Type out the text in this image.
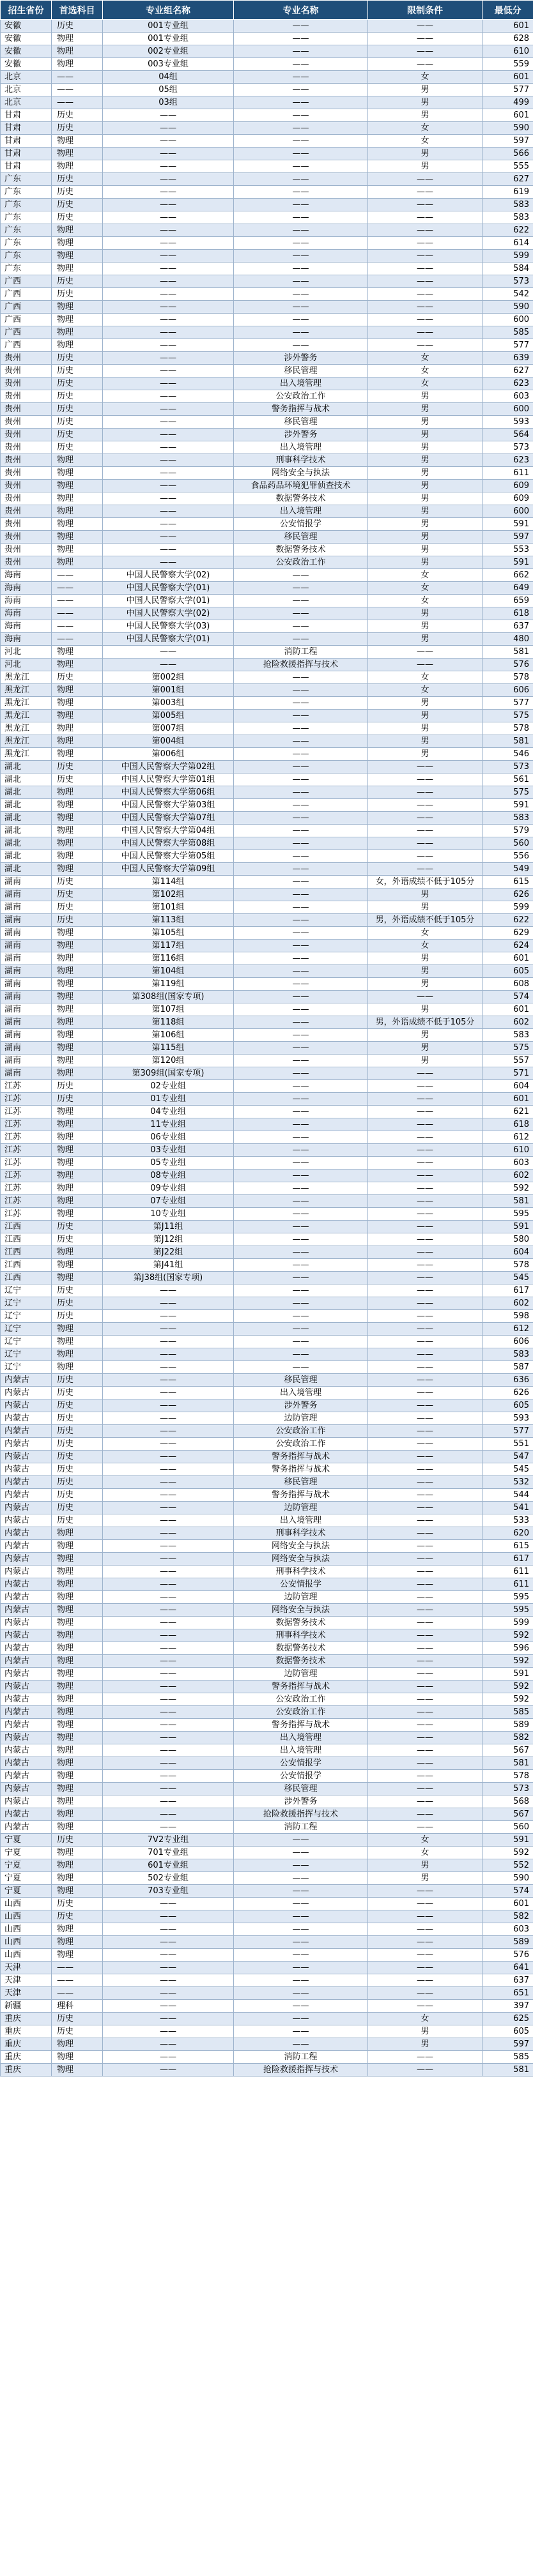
招生省份	首选科目	专业组名称	专业名称	限制条件	最低分
安徽	历史	001专业组	——	——	601
安徽	物理	001专业组	——	——	628
安徽	物理	002专业组	——	——	610
安徽	物理	003专业组	——	——	559
北京	——	04组	——	女	601
北京	——	05组	——	男	577
北京	——	03组	——	男	499
甘肃	历史	——	——	男	601
甘肃	历史	——	——	女	590
甘肃	物理	——	——	女	597
甘肃	物理	——	——	男	566
甘肃	物理	——	——	男	555
广东	历史	——	——	——	627
广东	历史	——	——	——	619
广东	历史	——	——	——	583
广东	历史	——	——	——	583
广东	物理	——	——	——	622
广东	物理	——	——	——	614
广东	物理	——	——	——	599
广东	物理	——	——	——	584
广西	历史	——	——	——	573
广西	历史	——	——	——	542
广西	物理	——	——	——	590
广西	物理	——	——	——	600
广西	物理	——	——	——	585
广西	物理	——	——	——	577
贵州	历史	——	涉外警务	女	639
贵州	历史	——	移民管理	女	627
贵州	历史	——	出入境管理	女	623
贵州	历史	——	公安政治工作	男	603
贵州	历史	——	警务指挥与战术	男	600
贵州	历史	——	移民管理	男	593
贵州	历史	——	涉外警务	男	564
贵州	历史	——	出入境管理	男	573
贵州	物理	——	刑事科学技术	男	623
贵州	物理	——	网络安全与执法	男	611
贵州	物理	——	食品药品环境犯罪侦查技术	男	609
贵州	物理	——	数据警务技术	男	609
贵州	物理	——	出入境管理	男	600
贵州	物理	——	公安情报学	男	591
贵州	物理	——	移民管理	男	597
贵州	物理	——	数据警务技术	男	553
贵州	物理	——	公安政治工作	男	591
海南	——	中国人民警察大学(02)	——	女	662
海南	——	中国人民警察大学(01)	——	女	649
海南	——	中国人民警察大学(01)	——	女	659
海南	——	中国人民警察大学(02)	——	男	618
海南	——	中国人民警察大学(03)	——	男	637
海南	——	中国人民警察大学(01)	——	男	480
河北	物理	——	消防工程	——	581
河北	物理	——	抢险救援指挥与技术	——	576
黑龙江	历史	第002组	——	女	578
黑龙江	物理	第001组	——	女	606
黑龙江	物理	第003组	——	男	577
黑龙江	物理	第005组	——	男	575
黑龙江	物理	第007组	——	男	578
黑龙江	物理	第004组	——	男	581
黑龙江	物理	第006组	——	男	546
湖北	历史	中国人民警察大学第02组	——	——	573
湖北	历史	中国人民警察大学第01组	——	——	561
湖北	物理	中国人民警察大学第06组	——	——	575
湖北	物理	中国人民警察大学第03组	——	——	591
湖北	物理	中国人民警察大学第07组	——	——	583
湖北	物理	中国人民警察大学第04组	——	——	579
湖北	物理	中国人民警察大学第08组	——	——	560
湖北	物理	中国人民警察大学第05组	——	——	556
湖北	物理	中国人民警察大学第09组	——	——	549
湖南	历史	第114组	——	女，外语成绩不低于105分	615
湖南	历史	第102组	——	男	626
湖南	历史	第101组	——	男	599
湖南	历史	第113组	——	男，外语成绩不低于105分	622
湖南	物理	第105组	——	女	629
湖南	物理	第117组	——	女	624
湖南	物理	第116组	——	男	601
湖南	物理	第104组	——	男	605
湖南	物理	第119组	——	男	608
湖南	物理	第308组(国家专项)	——	——	574
湖南	物理	第107组	——	男	601
湖南	物理	第118组	——	男，外语成绩不低于105分	602
湖南	物理	第106组	——	男	583
湖南	物理	第115组	——	男	575
湖南	物理	第120组	——	男	557
湖南	物理	第309组(国家专项)	——	——	571
江苏	历史	02专业组	——	——	604
江苏	历史	01专业组	——	——	601
江苏	物理	04专业组	——	——	621
江苏	物理	11专业组	——	——	618
江苏	物理	06专业组	——	——	612
江苏	物理	03专业组	——	——	610
江苏	物理	05专业组	——	——	603
江苏	物理	08专业组	——	——	602
江苏	物理	09专业组	——	——	592
江苏	物理	07专业组	——	——	581
江苏	物理	10专业组	——	——	595
江西	历史	第J11组	——	——	591
江西	历史	第J12组	——	——	580
江西	物理	第J22组	——	——	604
江西	物理	第J41组	——	——	578
江西	物理	第J38组(国家专项)	——	——	545
辽宁	历史	——	——	——	617
辽宁	历史	——	——	——	602
辽宁	历史	——	——	——	598
辽宁	物理	——	——	——	612
辽宁	物理	——	——	——	606
辽宁	物理	——	——	——	583
辽宁	物理	——	——	——	587
内蒙古	历史	——	移民管理	——	636
内蒙古	历史	——	出入境管理	——	626
内蒙古	历史	——	涉外警务	——	605
内蒙古	历史	——	边防管理	——	593
内蒙古	历史	——	公安政治工作	——	577
内蒙古	历史	——	公安政治工作	——	551
内蒙古	历史	——	警务指挥与战术	——	547
内蒙古	历史	——	警务指挥与战术	——	545
内蒙古	历史	——	移民管理	——	532
内蒙古	历史	——	警务指挥与战术	——	544
内蒙古	历史	——	边防管理	——	541
内蒙古	历史	——	出入境管理	——	533
内蒙古	物理	——	刑事科学技术	——	620
内蒙古	物理	——	网络安全与执法	——	615
内蒙古	物理	——	网络安全与执法	——	617
内蒙古	物理	——	刑事科学技术	——	611
内蒙古	物理	——	公安情报学	——	611
内蒙古	物理	——	边防管理	——	595
内蒙古	物理	——	网络安全与执法	——	595
内蒙古	物理	——	数据警务技术	——	599
内蒙古	物理	——	刑事科学技术	——	592
内蒙古	物理	——	数据警务技术	——	596
内蒙古	物理	——	数据警务技术	——	592
内蒙古	物理	——	边防管理	——	591
内蒙古	物理	——	警务指挥与战术	——	592
内蒙古	物理	——	公安政治工作	——	592
内蒙古	物理	——	公安政治工作	——	585
内蒙古	物理	——	警务指挥与战术	——	589
内蒙古	物理	——	出入境管理	——	582
内蒙古	物理	——	出入境管理	——	567
内蒙古	物理	——	公安情报学	——	581
内蒙古	物理	——	公安情报学	——	578
内蒙古	物理	——	移民管理	——	573
内蒙古	物理	——	涉外警务	——	568
内蒙古	物理	——	抢险救援指挥与技术	——	567
内蒙古	物理	——	消防工程	——	560
宁夏	历史	7V2专业组	——	女	591
宁夏	物理	701专业组	——	女	592
宁夏	物理	601专业组	——	男	552
宁夏	物理	502专业组	——	男	590
宁夏	物理	703专业组	——	——	574
山西	历史	——	——	——	601
山西	历史	——	——	——	582
山西	物理	——	——	——	603
山西	物理	——	——	——	589
山西	物理	——	——	——	576
天津	——	——	——	——	641
天津	——	——	——	——	637
天津	——	——	——	——	651
新疆	理科	——	——	——	397
重庆	历史	——	——	女	625
重庆	历史	——	——	男	605
重庆	物理	——	——	男	597
重庆	物理	——	消防工程	——	585
重庆	物理	——	抢险救援指挥与技术	——	581
